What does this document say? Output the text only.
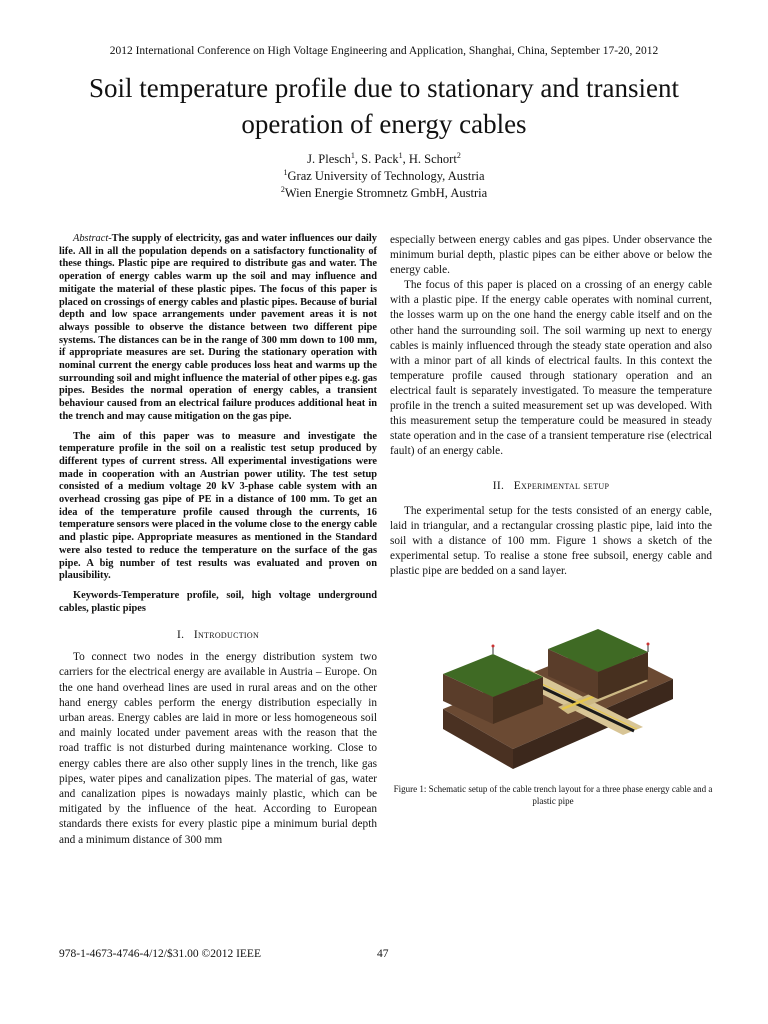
2012 International Conference on High Voltage Engineering and Application, Shanghai, China, September 17-20, 2012
Soil temperature profile due to stationary and transient operation of energy cables
J. Plesch$^1$, S. Pack$^1$, H. Schort$^2$
$^1$Graz University of Technology, Austria
$^2$Wien Energie Stromnetz GmbH, Austria

Abstract-The supply of electricity, gas and water influences our daily life. All in all the population depends on a satisfactory functionality of these things. Plastic pipe are required to distribute gas and water. The operation of energy cables warm up the soil and may influence and mitigate the material of these plastic pipes. The focus of this paper is placed on crossings of energy cables and plastic pipes. Because of burial depth and low space arrangements under pavement areas it is not always possible to observe the distance between two different pipe systems. The distances can be in the range of 300 mm down to 100 mm, if appropriate measures are set. During the stationary operation with nominal current the energy cable produces loss heat and warms up the surrounding soil and might influence the material of other pipes e.g. gas pipes. Besides the normal operation of energy cables, a transient behaviour caused from an electrical failure produces additional heat in the trench and may cause mitigation on the gas pipe.

The aim of this paper was to measure and investigate the temperature profile in the soil on a realistic test setup produced by different types of current stress. All experimental investigations were made in cooperation with an Austrian power utility. The test setup consisted of a medium voltage 20 kV 3-phase cable system with an overhead crossing gas pipe of PE in a distance of 100 mm. To get an idea of the temperature profile caused through the currents, 16 temperature sensors were placed in the volume close to the energy cable and plastic pipe. Appropriate measures as mentioned in the Standard were also tested to reduce the temperature on the surface of the gas pipe. A big number of test results was evaluated and proven on plausibility.

Keywords-Temperature profile, soil, high voltage underground cables, plastic pipes

I. Introduction

To connect two nodes in the energy distribution system two carriers for the electrical energy are available in Austria – Europe. On the one hand overhead lines are used in rural areas and on the other hand energy cables perform the energy distribution especially in urban areas. Energy cables are laid in more or less homogeneous soil and mainly located under pavement areas with the reason that the road traffic is not disturbed during maintenance working. Close to energy cables there are also other supply lines in the trench, like gas pipes, water pipes and canalization pipes. The material of gas, water and canalization pipes is nowadays mainly plastic, which can be mitigated by the influence of the heat. According to European standards there exists for every plastic pipe a minimum burial depth and a minimum distance of 300 mm

especially between energy cables and gas pipes. Under observance the minimum burial depth, plastic pipes can be either above or below the energy cable.

The focus of this paper is placed on a crossing of an energy cable with a plastic pipe. If the energy cable operates with nominal current, the losses warm up on the one hand the energy cable itself and on the other hand the surrounding soil. The soil warming up next to energy cables is mainly influenced through the steady state operation and also with a minor part of all kinds of electrical faults. In this context the temperature profile caused through stationary operation and an electrical fault is separately investigated. To measure the temperature profile in the trench a suited measurement set up was developed. With this measurement setup the temperature could be measured in steady state operation and in the case of a transient temperature rise (electrical fault) of an energy cable.

II. Experimental setup

The experimental setup for the tests consisted of an energy cable, laid in triangular, and a rectangular crossing plastic pipe, laid into the soil with a distance of 100 mm. Figure 1 shows a sketch of the experimental setup. To realise a stone free subsoil, energy cable and plastic pipe are bedded on a sand layer.

Figure 1: Schematic setup of the cable trench layout for a three phase energy cable and a plastic pipe
978-1-4673-4746-4/12/$31.00 ©2012 IEEE	47
